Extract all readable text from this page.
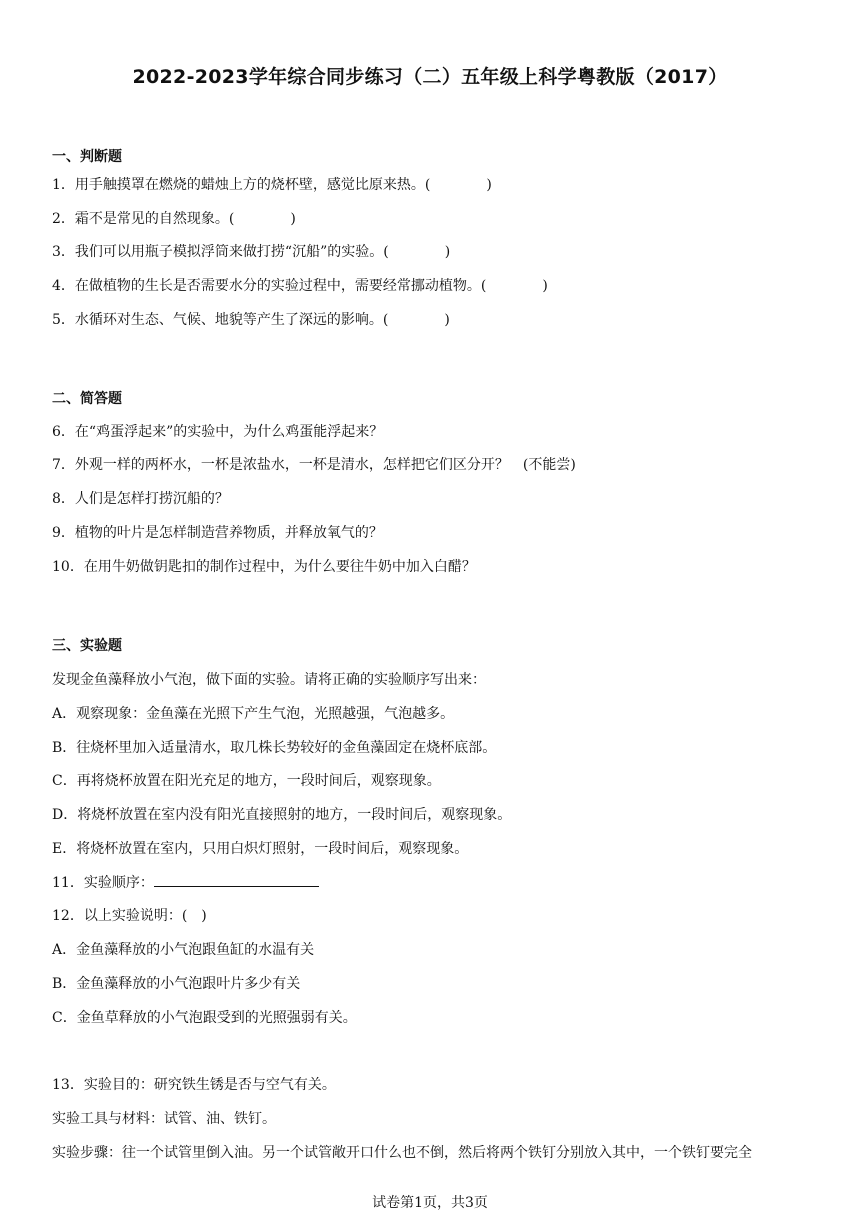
2022-2023学年综合同步练习（二）五年级上科学粤教版（2017）
一、判断题
1．用手触摸罩在燃烧的蜡烛上方的烧杯壁，感觉比原来热。(	)
2．霜不是常见的自然现象。(	)
3．我们可以用瓶子模拟浮筒来做打捞“沉船”的实验。(	)
4．在做植物的生长是否需要水分的实验过程中，需要经常挪动植物。(	)
5．水循环对生态、气候、地貌等产生了深远的影响。(	)
二、简答题
6．在“鸡蛋浮起来”的实验中，为什么鸡蛋能浮起来？
7．外观一样的两杯水，一杯是浓盐水，一杯是清水，怎样把它们区分开？　(不能尝)
8．人们是怎样打捞沉船的？
9．植物的叶片是怎样制造营养物质，并释放氧气的？
10．在用牛奶做钥匙扣的制作过程中，为什么要往牛奶中加入白醋？
三、实验题
发现金鱼藻释放小气泡，做下面的实验。请将正确的实验顺序写出来：
A．观察现象：金鱼藻在光照下产生气泡，光照越强，气泡越多。
B．往烧杯里加入适量清水，取几株长势较好的金鱼藻固定在烧杯底部。
C．再将烧杯放置在阳光充足的地方，一段时间后，观察现象。
D．将烧杯放置在室内没有阳光直接照射的地方，一段时间后，观察现象。
E．将烧杯放置在室内，只用白炽灯照射，一段时间后，观察现象。
11．实验顺序：
12．以上实验说明：(　)
A．金鱼藻释放的小气泡跟鱼缸的水温有关
B．金鱼藻释放的小气泡跟叶片多少有关
C．金鱼草释放的小气泡跟受到的光照强弱有关。
13．实验目的：研究铁生锈是否与空气有关。
实验工具与材料：试管、油、铁钉。
实验步骤：往一个试管里倒入油。另一个试管敞开口什么也不倒，然后将两个铁钉分别放入其中，一个铁钉要完全
试卷第1页，共3页
